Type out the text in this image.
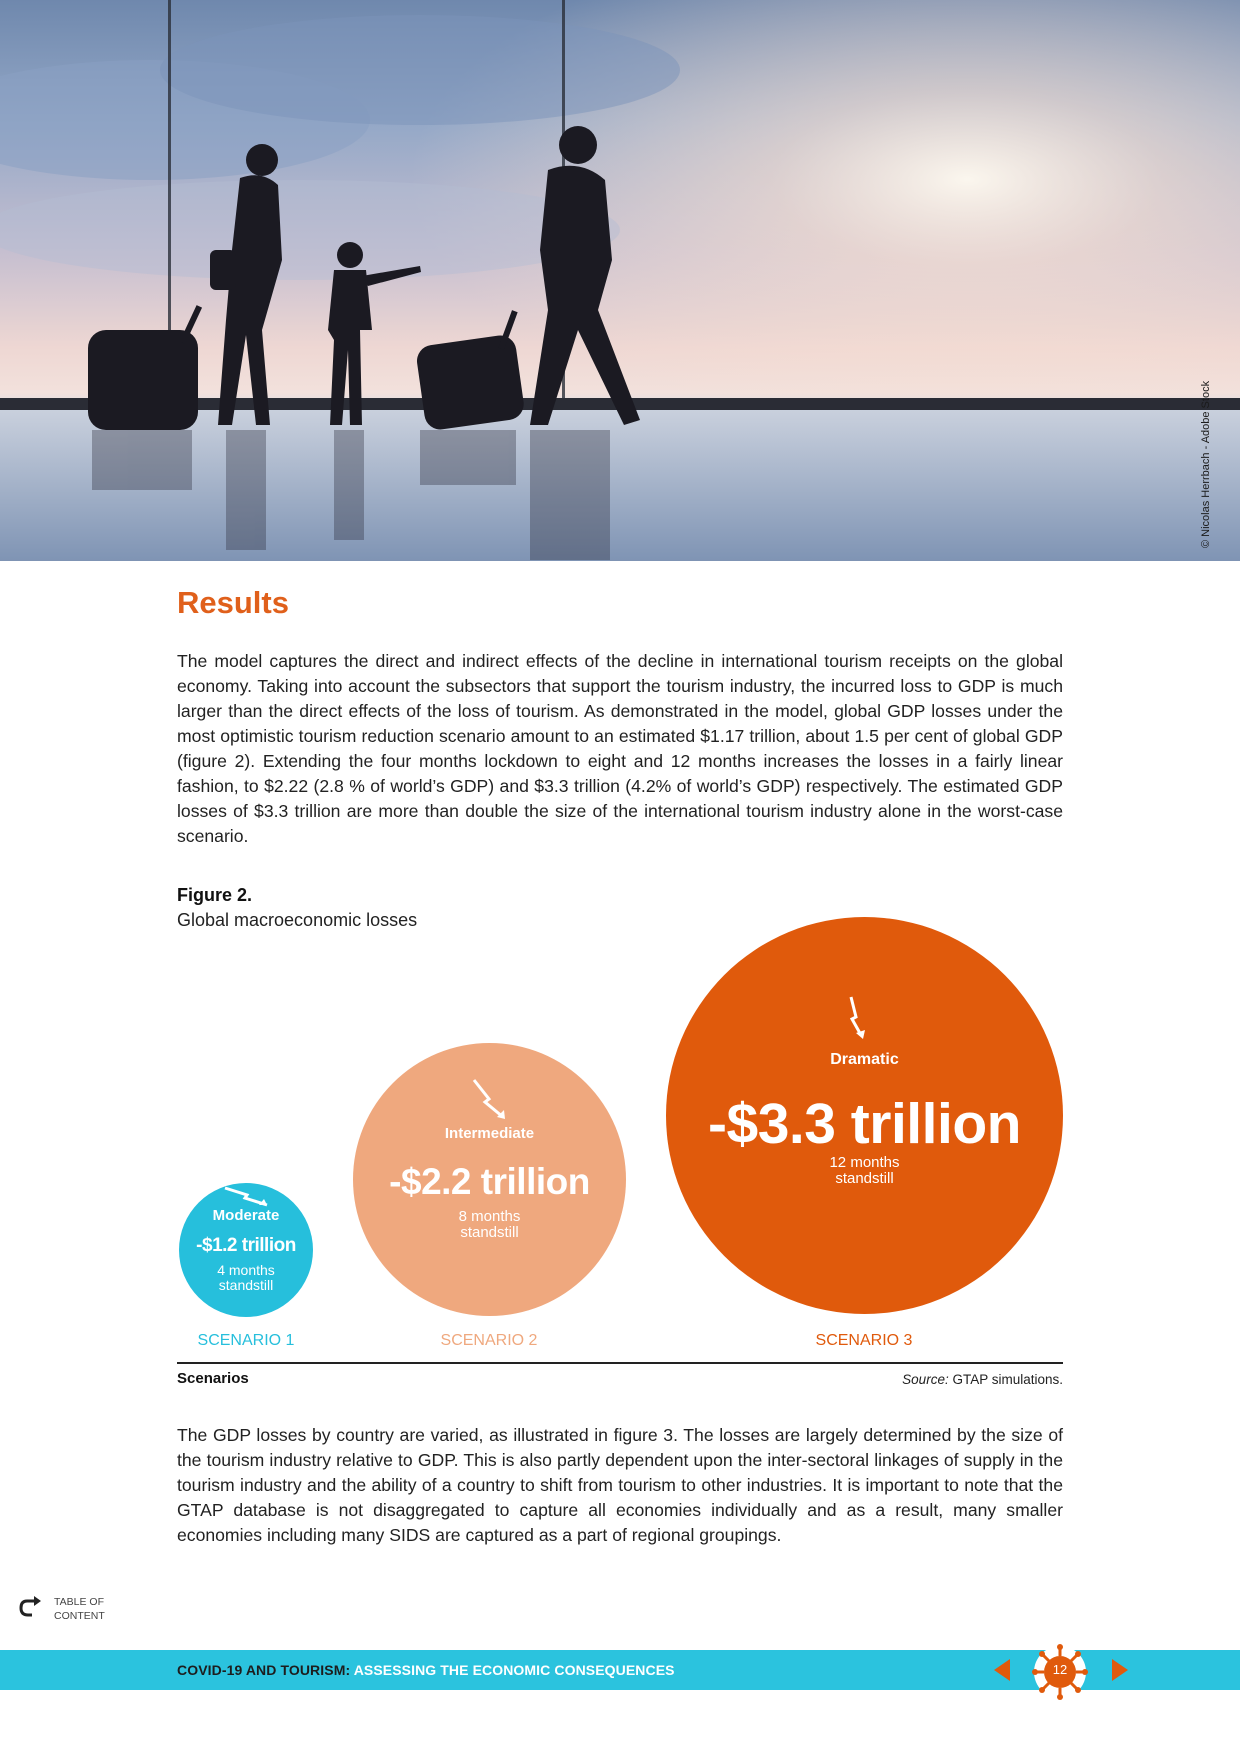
© Nicolas Herrbach - Adobe Stock
Results

The model captures the direct and indirect effects of the decline in international tourism receipts on the global economy. Taking into account the subsectors that support the tourism industry, the incurred loss to GDP is much larger than the direct effects of the loss of tourism. As demonstrated in the model, global GDP losses under the most optimistic tourism reduction scenario amount to an estimated $1.17 trillion, about 1.5 per cent of global GDP (figure 2). Extending the four months lockdown to eight and 12 months increases the losses in a fairly linear fashion, to $2.22 (2.8 % of world’s GDP) and $3.3 trillion (4.2% of world’s GDP) respectively. The estimated GDP losses of $3.3 trillion are more than double the size of the international tourism industry alone in the worst-case scenario.

Figure 2.
Global macroeconomic losses
Moderate
-$1.2 trillion
4 months
standstill
Intermediate
-$2.2 trillion
8 months
standstill
Dramatic
-$3.3 trillion
12 months
standstill
SCENARIO 1	SCENARIO 2	SCENARIO 3
Scenarios	Source: GTAP simulations.

The GDP losses by country are varied, as illustrated in figure 3. The losses are largely determined by the size of the tourism industry relative to GDP. This is also partly dependent upon the inter-sectoral linkages of supply in the tourism industry and the ability of a country to shift from tourism to other industries. It is important to note that the GTAP database is not disaggregated to capture all economies individually and as a result, many smaller economies including many SIDS are captured as a part of regional groupings.

TABLE OF
CONTENT
COVID-19 AND TOURISM: ASSESSING THE ECONOMIC CONSEQUENCES	12
